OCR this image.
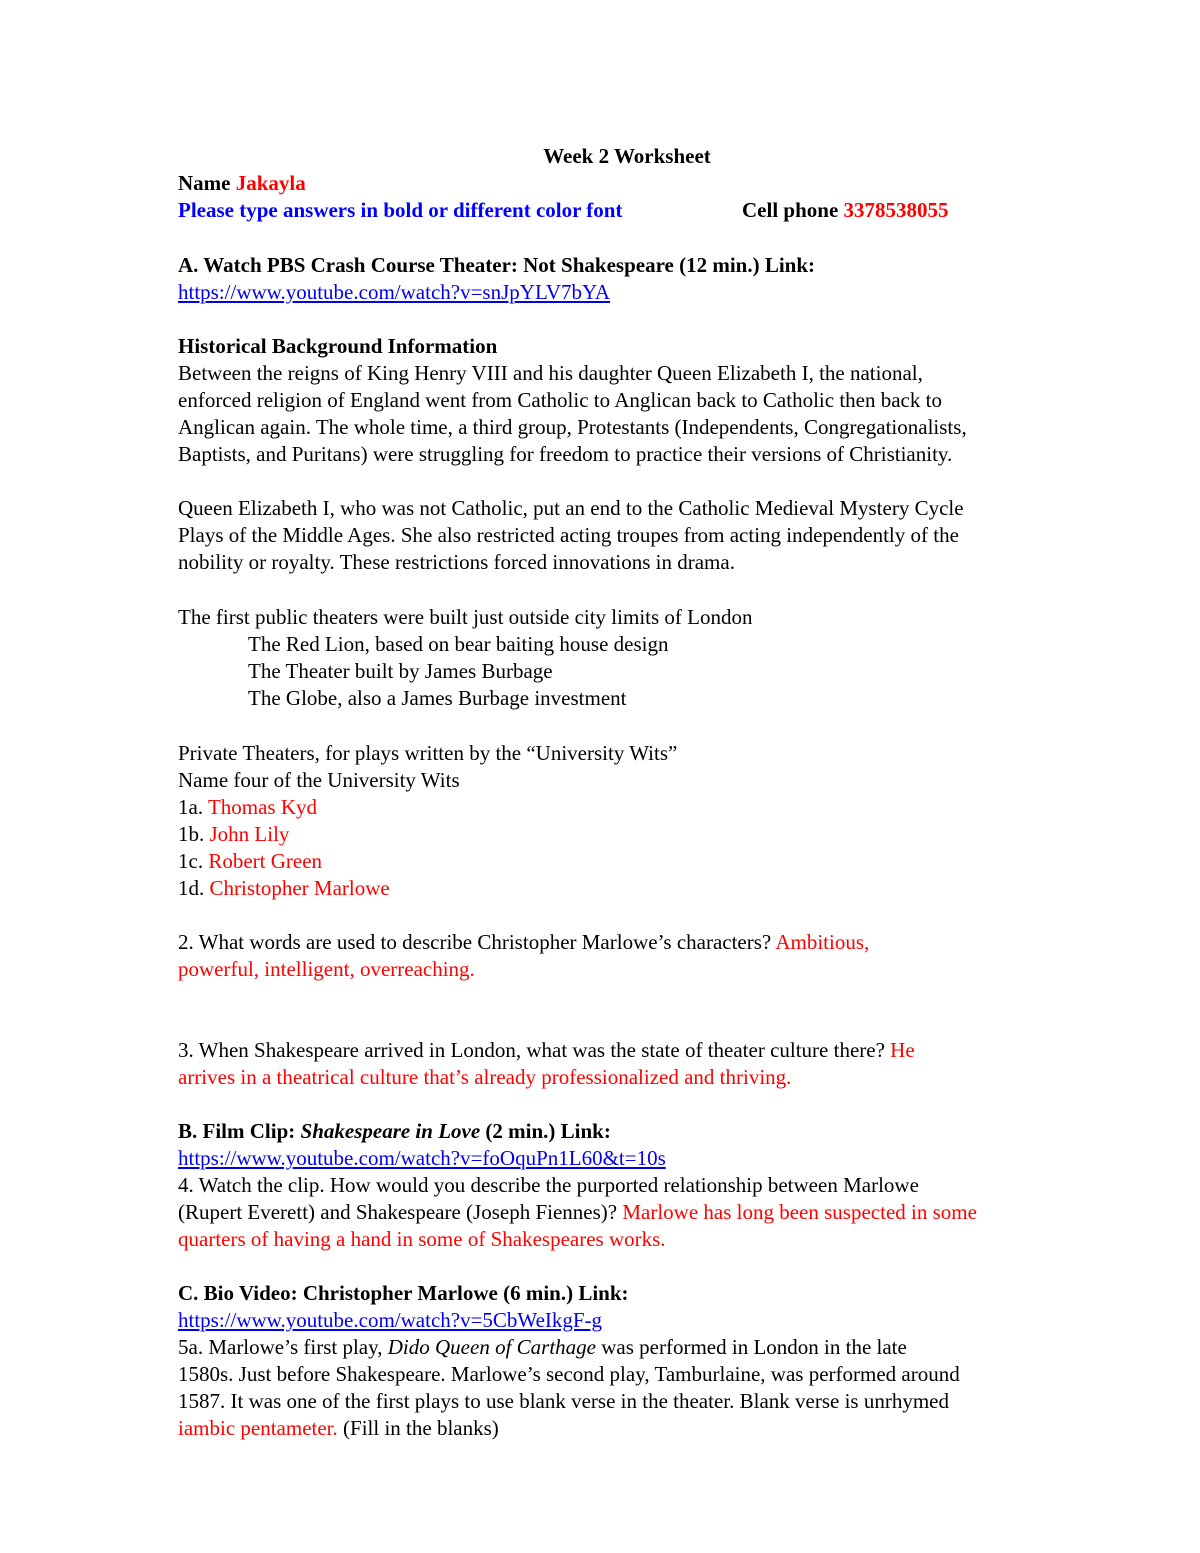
Week 2 Worksheet

Name Jakayla

Please type answers in bold or different color font	Cell phone 3378538055

A. Watch PBS Crash Course Theater: Not Shakespeare (12 min.) Link:

https://www.youtube.com/watch?v=snJpYLV7bYA

Historical Background Information

Between the reigns of King Henry VIII and his daughter Queen Elizabeth I, the national,

enforced religion of England went from Catholic to Anglican back to Catholic then back to

Anglican again. The whole time, a third group, Protestants (Independents, Congregationalists,

Baptists, and Puritans) were struggling for freedom to practice their versions of Christianity.

Queen Elizabeth I, who was not Catholic, put an end to the Catholic Medieval Mystery Cycle

Plays of the Middle Ages. She also restricted acting troupes from acting independently of the

nobility or royalty. These restrictions forced innovations in drama.

The first public theaters were built just outside city limits of London

The Red Lion, based on bear baiting house design

The Theater built by James Burbage

The Globe, also a James Burbage investment

Private Theaters, for plays written by the “University Wits”

Name four of the University Wits

1a. Thomas Kyd

1b. John Lily

1c. Robert Green

1d. Christopher Marlowe

2. What words are used to describe Christopher Marlowe’s characters? Ambitious,

powerful, intelligent, overreaching.

3. When Shakespeare arrived in London, what was the state of theater culture there? He

arrives in a theatrical culture that’s already professionalized and thriving.

B. Film Clip: Shakespeare in Love (2 min.) Link:

https://www.youtube.com/watch?v=foOquPn1L60&t=10s

4. Watch the clip. How would you describe the purported relationship between Marlowe

(Rupert Everett) and Shakespeare (Joseph Fiennes)? Marlowe has long been suspected in some

quarters of having a hand in some of Shakespeares works.

C. Bio Video: Christopher Marlowe (6 min.) Link:

https://www.youtube.com/watch?v=5CbWeIkgF-g

5a. Marlowe’s first play, Dido Queen of Carthage was performed in London in the late

1580s. Just before Shakespeare. Marlowe’s second play, Tamburlaine, was performed around

1587. It was one of the first plays to use blank verse in the theater. Blank verse is unrhymed

iambic pentameter. (Fill in the blanks)
